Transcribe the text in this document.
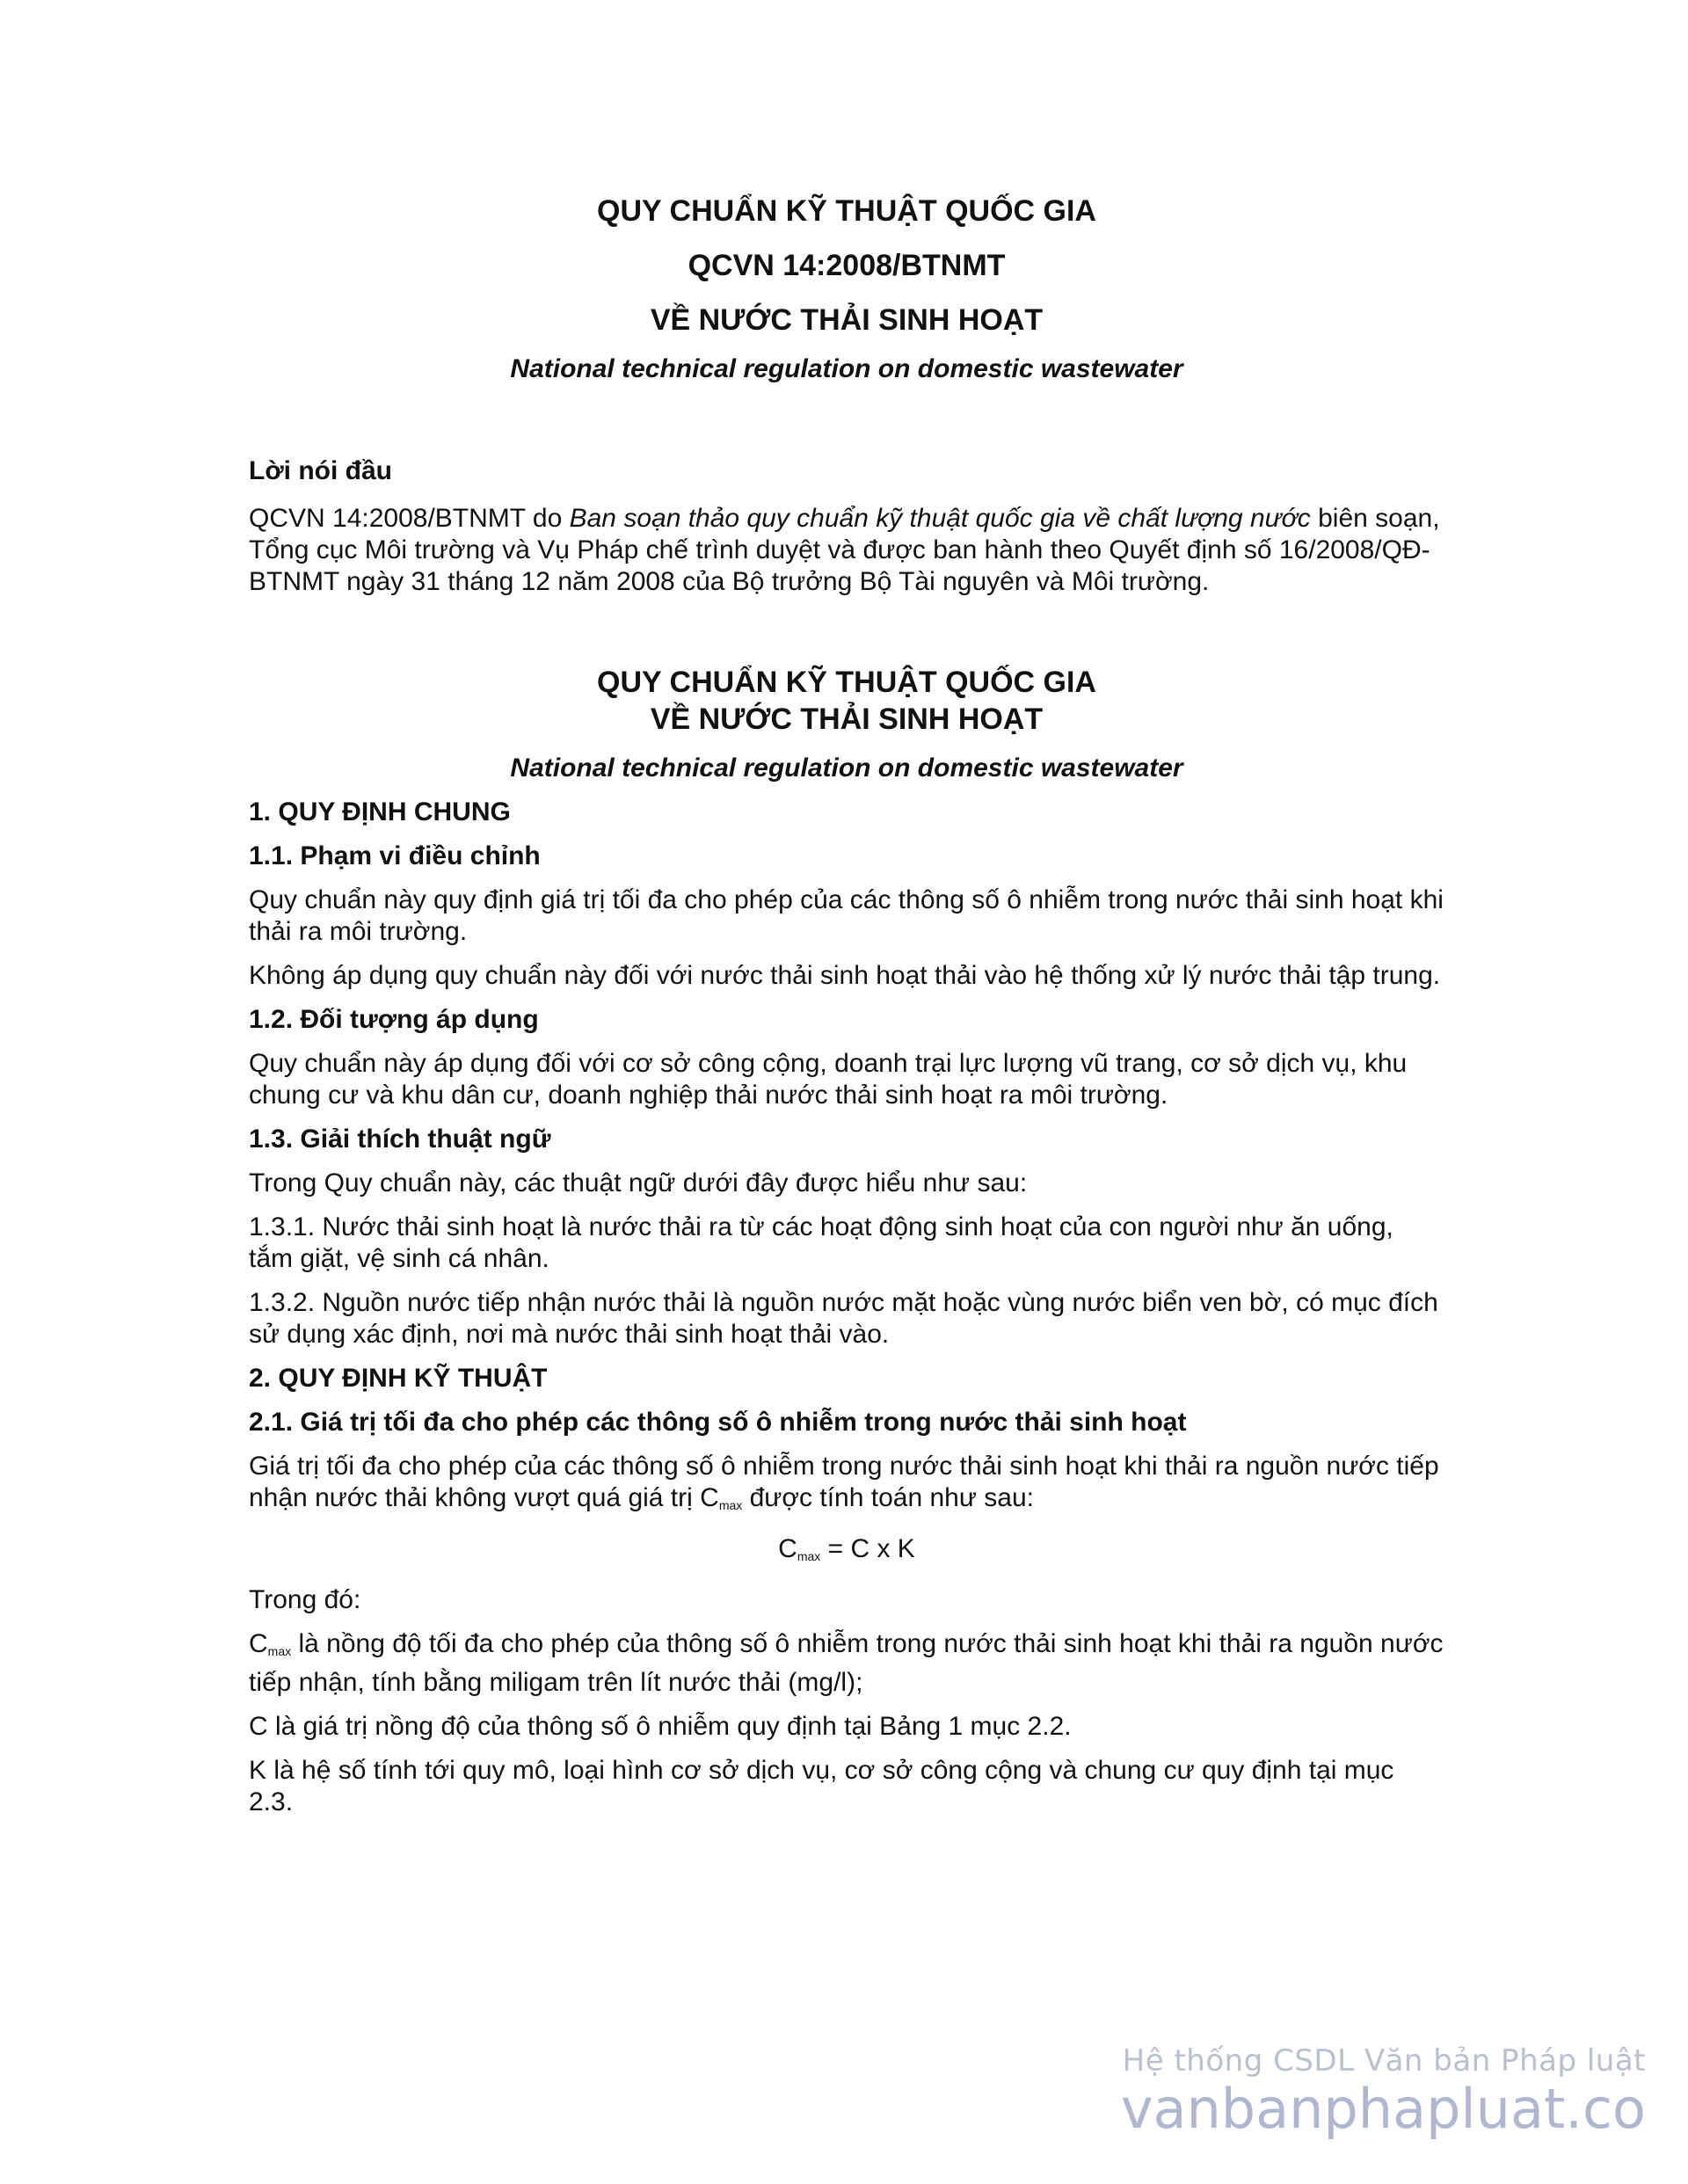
QUY CHUẨN KỸ THUẬT QUỐC GIA
QCVN 14:2008/BTNMT
VỀ NƯỚC THẢI SINH HOẠT

National technical regulation on domestic wastewater

Lời nói đầu

QCVN 14:2008/BTNMT do Ban soạn thảo quy chuẩn kỹ thuật quốc gia về chất lượng nước biên soạn, Tổng cục Môi trường và Vụ Pháp chế trình duyệt và được ban hành theo Quyết định số 16/2008/QĐ-BTNMT ngày 31 tháng 12 năm 2008 của Bộ trưởng Bộ Tài nguyên và Môi trường.

QUY CHUẨN KỸ THUẬT QUỐC GIA
VỀ NƯỚC THẢI SINH HOẠT

National technical regulation on domestic wastewater

1. QUY ĐỊNH CHUNG

1.1. Phạm vi điều chỉnh

Quy chuẩn này quy định giá trị tối đa cho phép của các thông số ô nhiễm trong nước thải sinh hoạt khi thải ra môi trường.

Không áp dụng quy chuẩn này đối với nước thải sinh hoạt thải vào hệ thống xử lý nước thải tập trung.

1.2. Đối tượng áp dụng

Quy chuẩn này áp dụng đối với cơ sở công cộng, doanh trại lực lượng vũ trang, cơ sở dịch vụ, khu chung cư và khu dân cư, doanh nghiệp thải nước thải sinh hoạt ra môi trường.

1.3. Giải thích thuật ngữ

Trong Quy chuẩn này, các thuật ngữ dưới đây được hiểu như sau:

1.3.1. Nước thải sinh hoạt là nước thải ra từ các hoạt động sinh hoạt của con người như ăn uống, tắm giặt, vệ sinh cá nhân.

1.3.2. Nguồn nước tiếp nhận nước thải là nguồn nước mặt hoặc vùng nước biển ven bờ, có mục đích sử dụng xác định, nơi mà nước thải sinh hoạt thải vào.

2. QUY ĐỊNH KỸ THUẬT

2.1. Giá trị tối đa cho phép các thông số ô nhiễm trong nước thải sinh hoạt

Giá trị tối đa cho phép của các thông số ô nhiễm trong nước thải sinh hoạt khi thải ra nguồn nước tiếp nhận nước thải không vượt quá giá trị $C_{max}$ được tính toán như sau:

$C_{max} = C$ x K

Trong đó:

$C_{max}$ là nồng độ tối đa cho phép của thông số ô nhiễm trong nước thải sinh hoạt khi thải ra nguồn nước tiếp nhận, tính bằng miligam trên lít nước thải (mg/l);

C là giá trị nồng độ của thông số ô nhiễm quy định tại Bảng 1 mục 2.2.

K là hệ số tính tới quy mô, loại hình cơ sở dịch vụ, cơ sở công cộng và chung cư quy định tại mục 2.3.

Hệ thống CSDL Văn bản Pháp luật
vanbanphapluat.co
